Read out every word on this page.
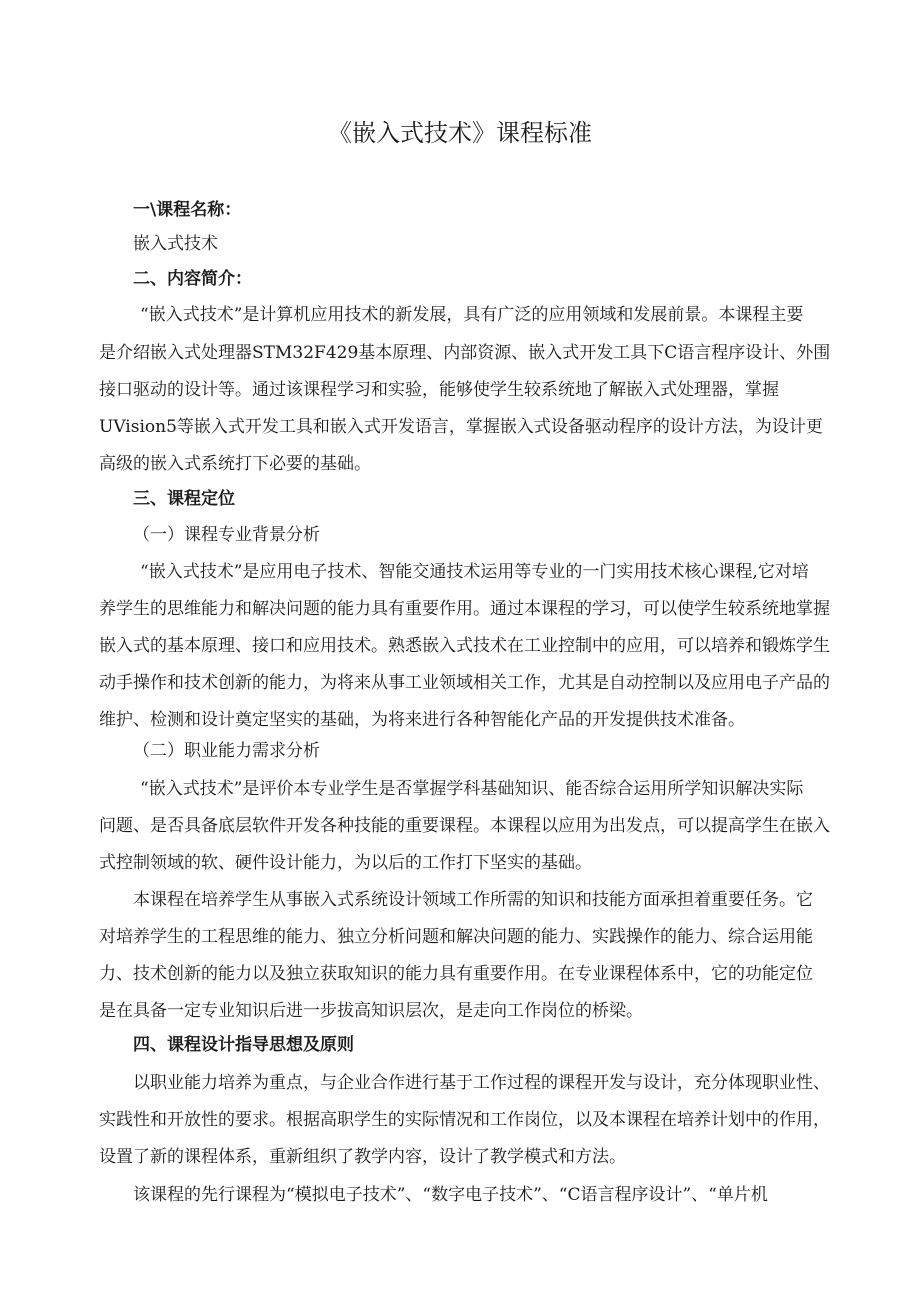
《嵌入式技术》课程标准
一\课程名称：
嵌入式技术
二、内容简介：
“嵌入式技术”是计算机应用技术的新发展，具有广泛的应用领域和发展前景。本课程主要
是介绍嵌入式处理器STM32F429基本原理、内部资源、嵌入式开发工具下C语言程序设计、外围
接口驱动的设计等。通过该课程学习和实验，能够使学生较系统地了解嵌入式处理器，掌握
UVision5等嵌入式开发工具和嵌入式开发语言，掌握嵌入式设备驱动程序的设计方法，为设计更
高级的嵌入式系统打下必要的基础。
三、课程定位
（一）课程专业背景分析
“嵌入式技术”是应用电子技术、智能交通技术运用等专业的一门实用技术核心课程,它对培
养学生的思维能力和解决问题的能力具有重要作用。通过本课程的学习，可以使学生较系统地掌握
嵌入式的基本原理、接口和应用技术。熟悉嵌入式技术在工业控制中的应用，可以培养和锻炼学生
动手操作和技术创新的能力，为将来从事工业领域相关工作，尤其是自动控制以及应用电子产品的
维护、检测和设计奠定坚实的基础，为将来进行各种智能化产品的开发提供技术准备。
（二）职业能力需求分析
“嵌入式技术”是评价本专业学生是否掌握学科基础知识、能否综合运用所学知识解决实际
问题、是否具备底层软件开发各种技能的重要课程。本课程以应用为出发点，可以提高学生在嵌入
式控制领域的软、硬件设计能力，为以后的工作打下坚实的基础。
本课程在培养学生从事嵌入式系统设计领域工作所需的知识和技能方面承担着重要任务。它
对培养学生的工程思维的能力、独立分析问题和解决问题的能力、实践操作的能力、综合运用能
力、技术创新的能力以及独立获取知识的能力具有重要作用。在专业课程体系中，它的功能定位
是在具备一定专业知识后进一步拔高知识层次，是走向工作岗位的桥梁。
四、课程设计指导思想及原则
以职业能力培养为重点，与企业合作进行基于工作过程的课程开发与设计，充分体现职业性、
实践性和开放性的要求。根据高职学生的实际情况和工作岗位，以及本课程在培养计划中的作用，
设置了新的课程体系，重新组织了教学内容，设计了教学模式和方法。
该课程的先行课程为“模拟电子技术”、“数字电子技术”、“C语言程序设计”、“单片机
